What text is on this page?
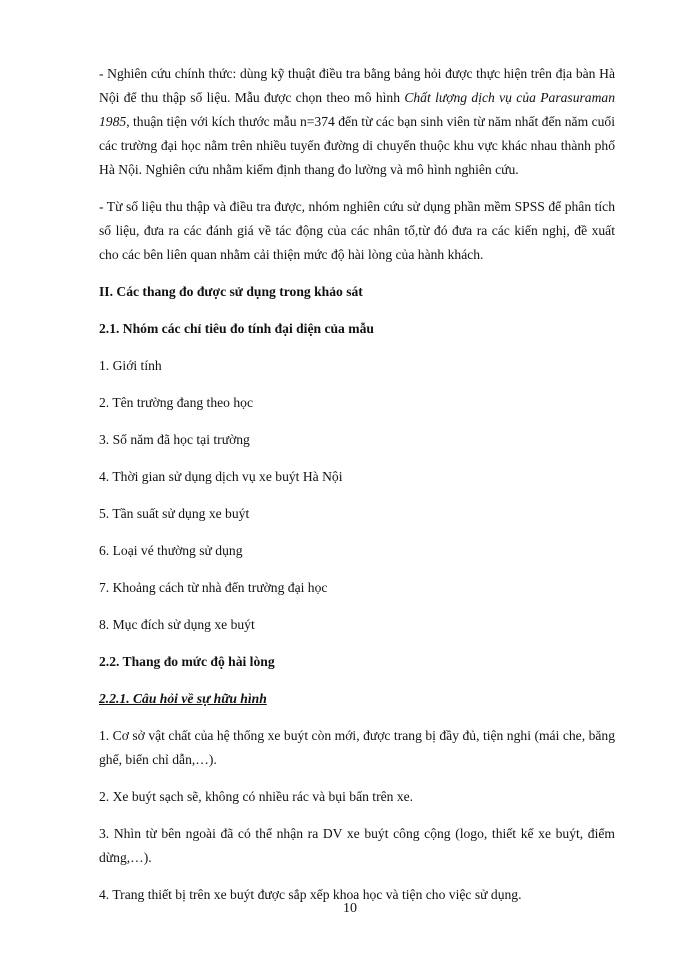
- Nghiên cứu chính thức: dùng kỹ thuật điều tra bằng bảng hỏi được thực hiện trên địa bàn Hà Nội để thu thập số liệu. Mẫu được chọn theo mô hình Chất lượng dịch vụ của Parasuraman 1985, thuận tiện với kích thước mẫu n=374 đến từ các bạn sinh viên từ năm nhất đến năm cuối các trường đại học nằm trên nhiều tuyến đường di chuyển thuộc khu vực khác nhau thành phố Hà Nội. Nghiên cứu nhằm kiểm định thang đo lường và mô hình nghiên cứu.

- Từ số liệu thu thập và điều tra được, nhóm nghiên cứu sử dụng phần mềm SPSS để phân tích số liệu, đưa ra các đánh giá về tác động của các nhân tố,từ đó đưa ra các kiến nghị, đề xuất cho các bên liên quan nhằm cải thiện mức độ hài lòng của hành khách.

II. Các thang đo được sử dụng trong khảo sát

2.1. Nhóm các chỉ tiêu đo tính đại diện của mẫu

1. Giới tính

2. Tên trường đang theo học

3. Số năm đã học tại trường

4. Thời gian sử dụng dịch vụ xe buýt Hà Nội

5. Tần suất sử dụng xe buýt

6. Loại vé thường sử dụng

7. Khoảng cách từ nhà đến trường đại học

8. Mục đích sử dụng xe buýt

2.2. Thang đo mức độ hài lòng

2.2.1. Câu hỏi về sự hữu hình

1. Cơ sở vật chất của hệ thống xe buýt còn mới, được trang bị đầy đủ, tiện nghi (mái che, băng ghế, biển chỉ dẫn,…).

2. Xe buýt sạch sẽ, không có nhiều rác và bụi bẩn trên xe.

3. Nhìn từ bên ngoài đã có thể nhận ra DV xe buýt công cộng (logo, thiết kế xe buýt, điểm dừng,…).

4. Trang thiết bị trên xe buýt được sắp xếp khoa học và tiện cho việc sử dụng.

10
